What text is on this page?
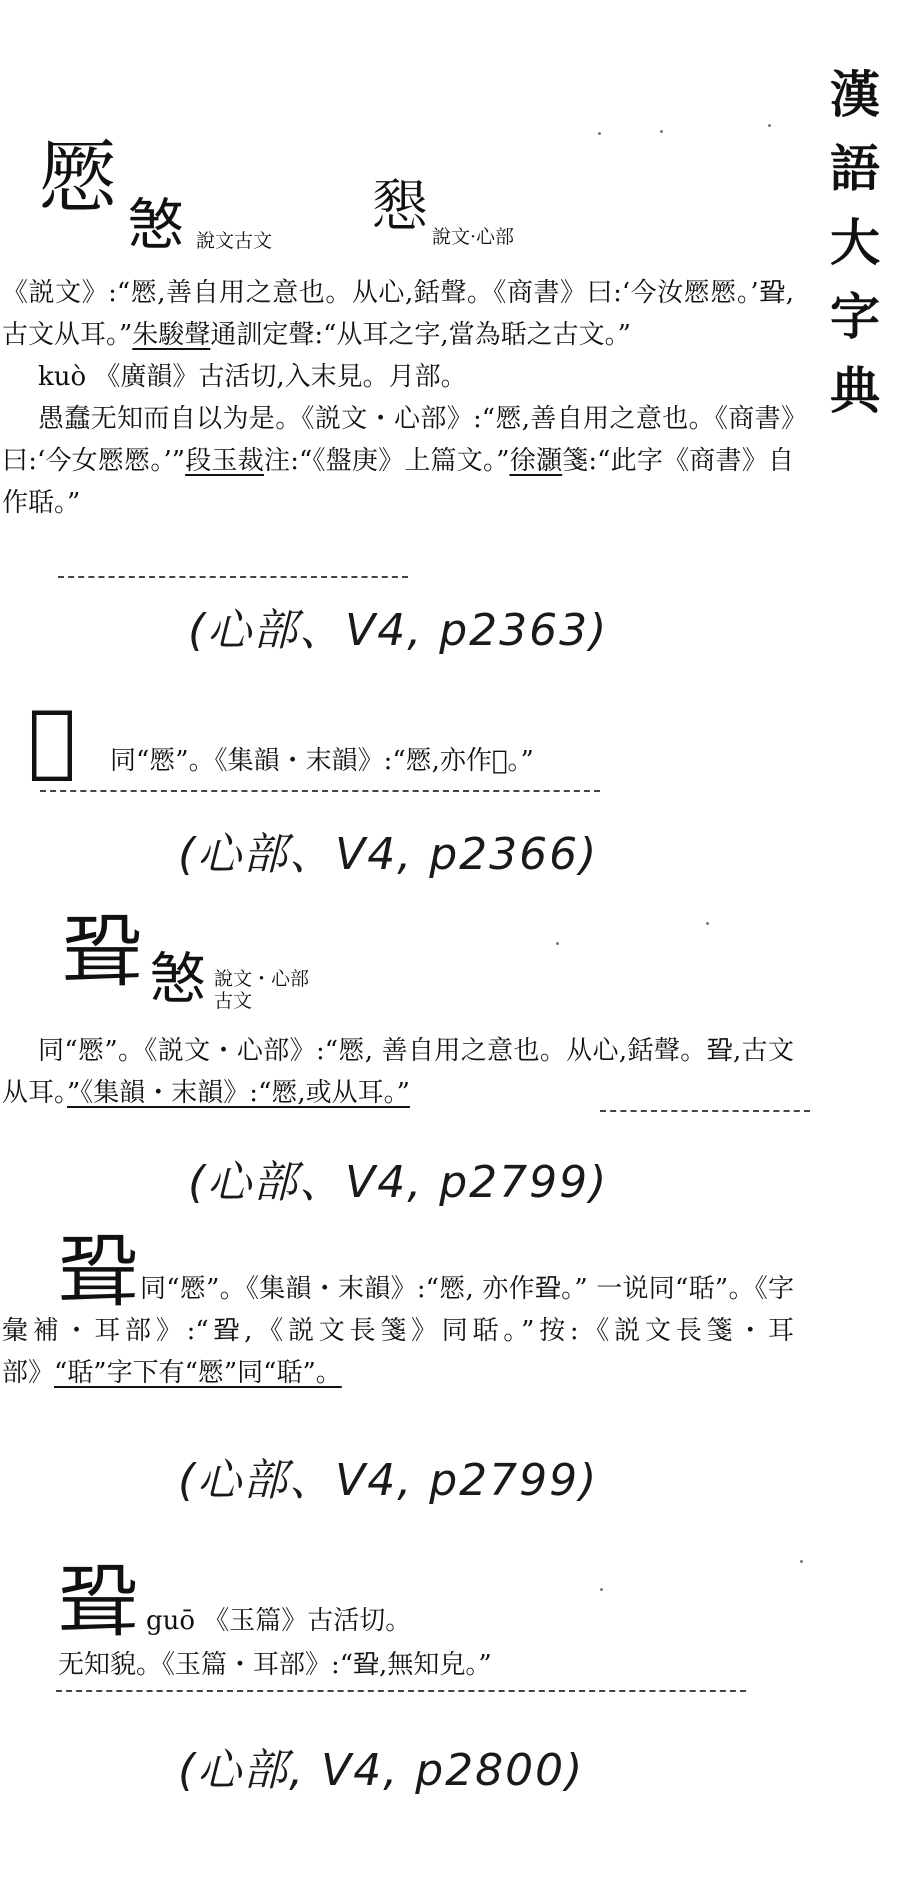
漢
語
大
字
典
憠
𢞀 說文古文
𢡆 說文·心部

《説文》:“憠,善自用之意也。从心,銛聲。《商書》曰:‘今汝憠憠。’𦕓,古文从耳。”朱駿聲通訓定聲:“从耳之字,當為聒之古文。”

kuò 《廣韻》古活切,入末見。月部。

愚蠢无知而自以为是。《説文・心部》:“憠,善自用之意也。《商書》曰:‘今女憠憠。’”段玉裁注:“《盤庚》上篇文。”徐灝箋:“此字《商書》自作聒。”

(心部、V4, p2363)
𢢨 同“憠”。《集韻・末韻》:“憠,亦作𢢨。”

(心部、V4, p2366)
𦕓 𢞀 說文・心部
古文

同“憠”。《説文・心部》:“憠, 善自用之意也。从心,銛聲。𦕓,古文从耳。”《集韻・末韻》:“憠,或从耳。”

(心部、V4, p2799)
𦕓 同“憠”。《集韻・末韻》:“憠, 亦作𦕓。” 一说同“聒”。《字彙補・耳部》:“𦕓,《説文長箋》同聒。”按:《説文長箋・耳部》“聒”字下有“憠”同“聒”。

(心部、V4, p2799)
𦕓 guō 《玉篇》古活切。

无知貌。《玉篇・耳部》:“𦕓,無知皃。”

(心部, V4, p2800)
